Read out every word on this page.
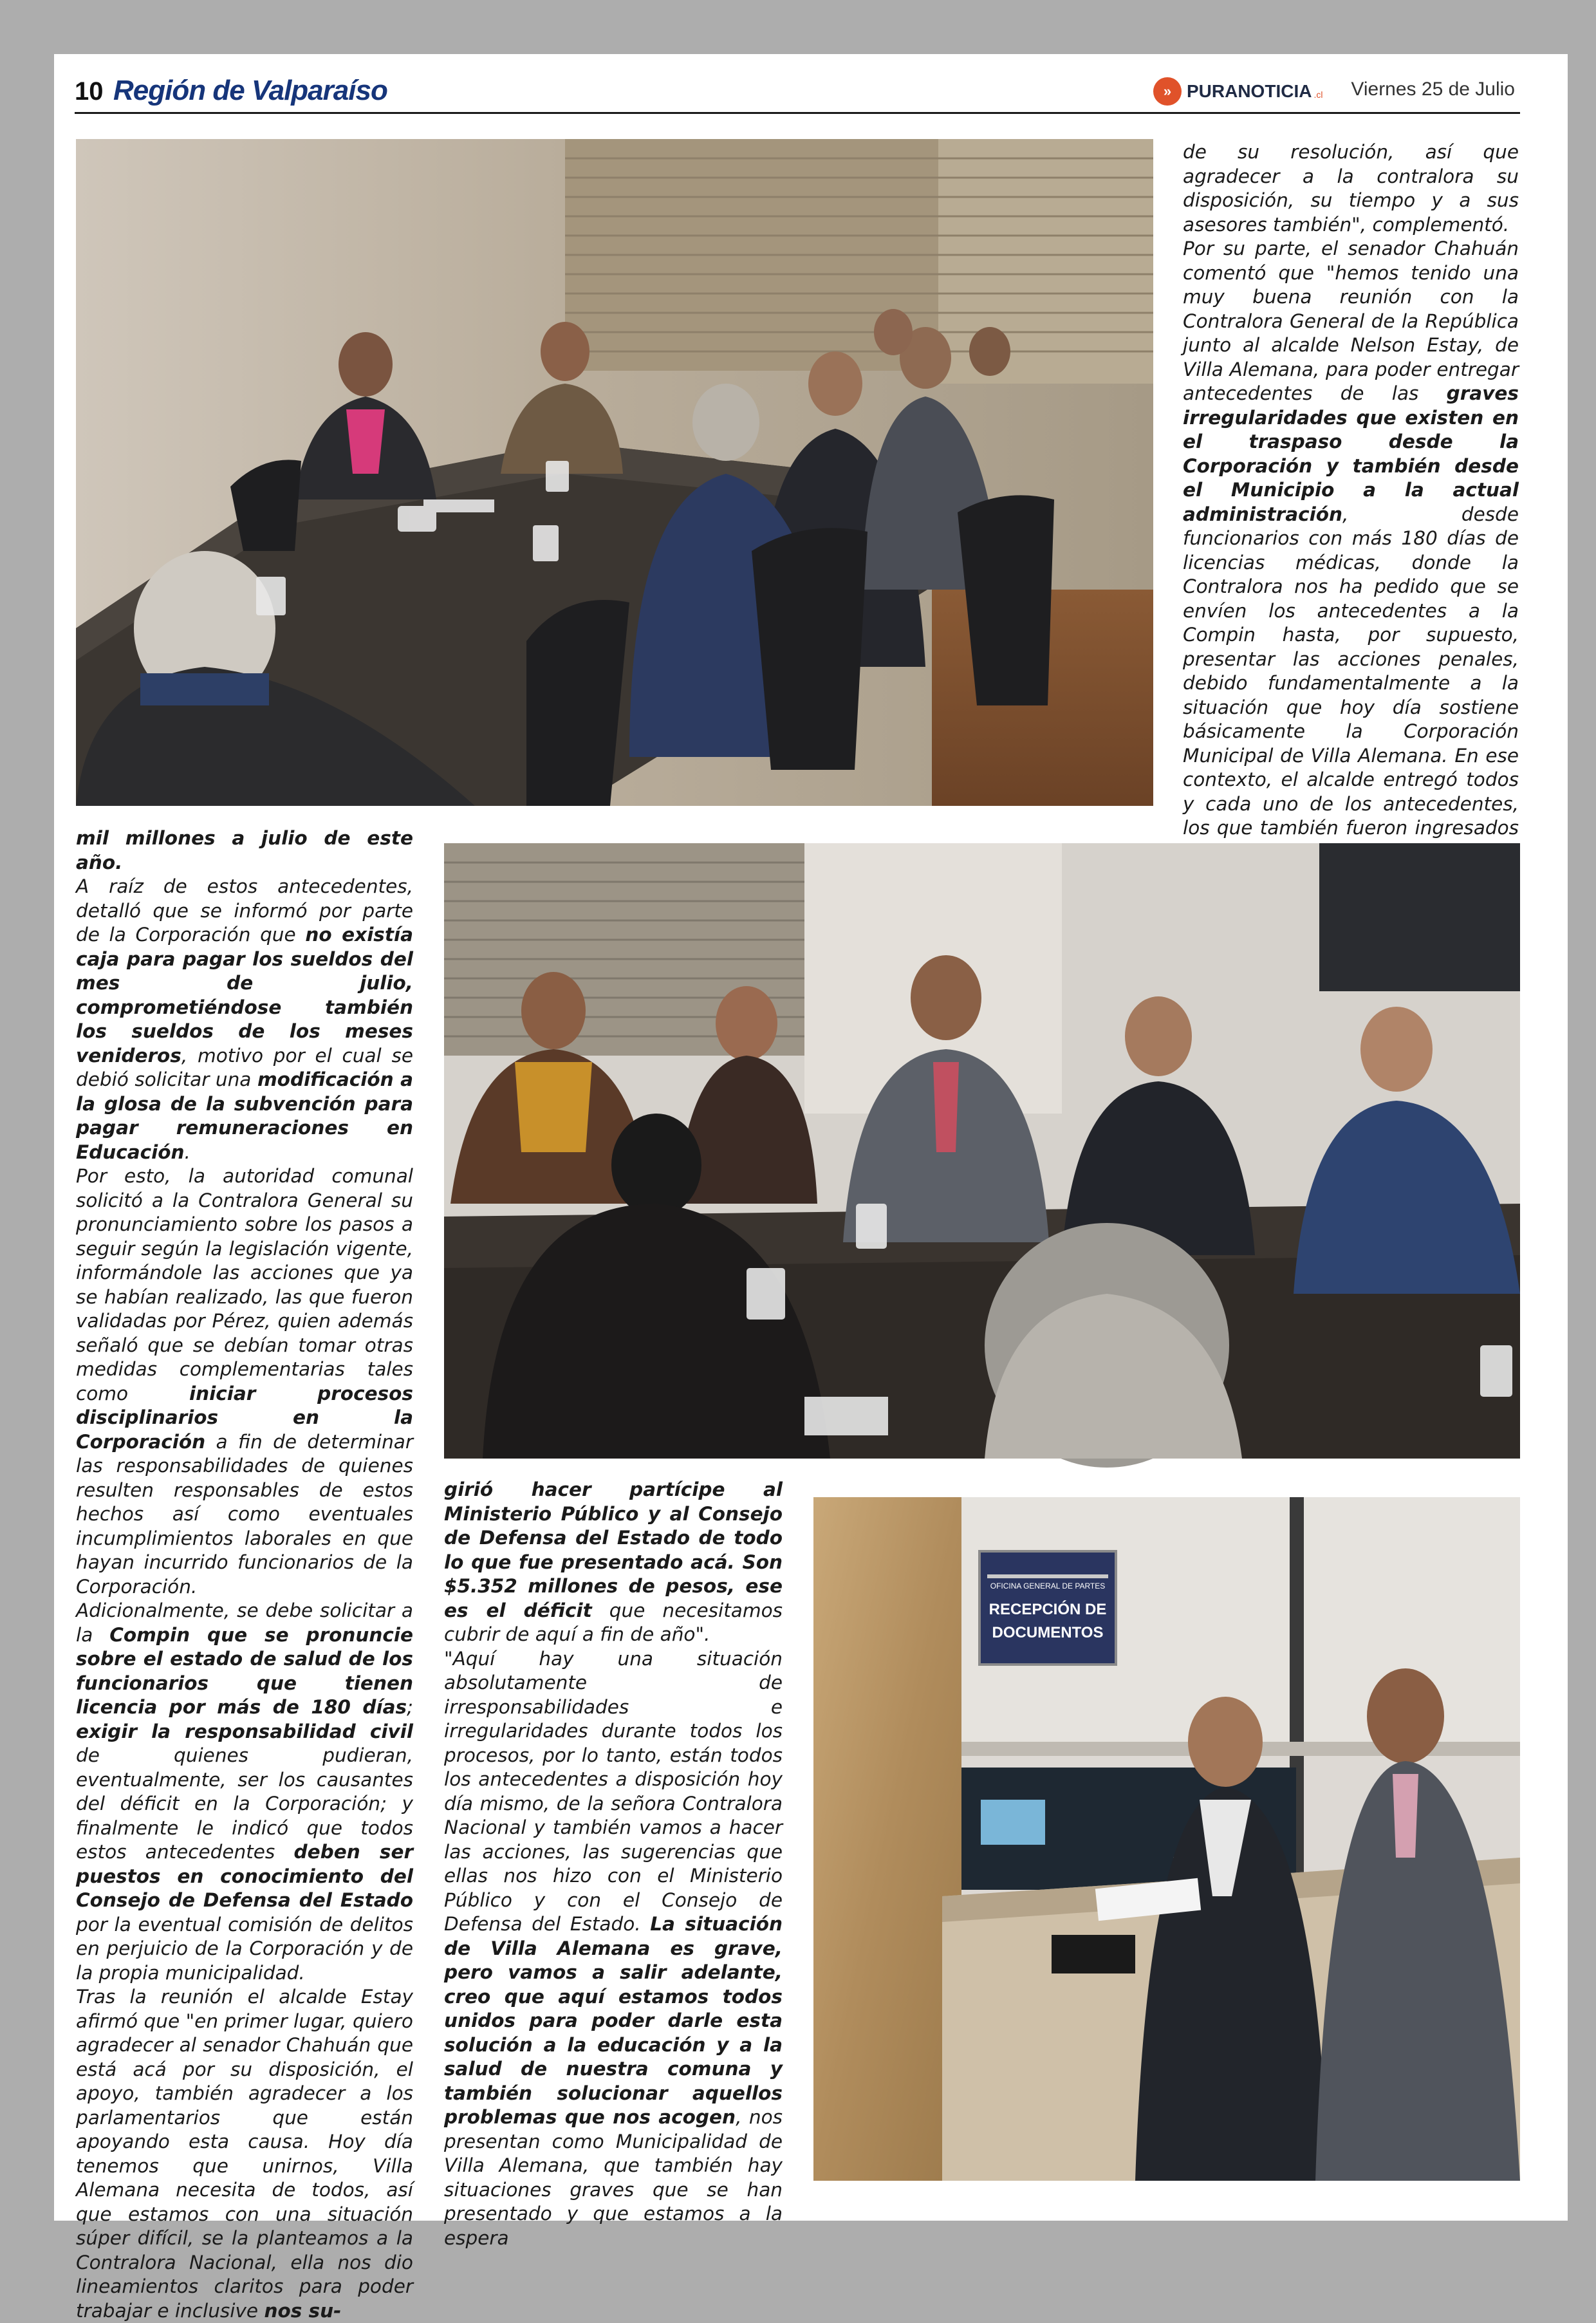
10 Región de Valparaíso	» PURANOTICIA .cl Viernes 25 de Julio

de su resolución, así que agradecer a la contralora su disposición, su tiempo y a sus asesores también", complementó.

Por su parte, el senador Chahuán comentó que "hemos tenido una muy buena reunión con la Contralora General de la República junto al alcalde Nelson Estay, de Villa Alemana, para poder entregar antecedentes de las graves irregularidades que existen en el traspaso desde la Corporación y también desde el Municipio a la actual administración, desde funcionarios con más 180 días de licencias médicas, donde la Contralora nos ha pedido que se envíen los antecedentes a la Compin hasta, por supuesto, presentar las acciones penales, debido fundamentalmente a la situación que hoy día sostiene básicamente la Corporación Municipal de Villa Alemana. En ese contexto, el alcalde entregó todos y cada uno de los antecedentes, los que también fueron ingresados

mil millones a julio de este año.

A raíz de estos antecedentes, detalló que se informó por parte de la Corporación que no existía caja para pagar los sueldos del mes de julio, comprometiéndose también los sueldos de los meses venideros, motivo por el cual se debió solicitar una modificación a la glosa de la subvención para pagar remuneraciones en Educación.

Por esto, la autoridad comunal solicitó a la Contralora General su pronunciamiento sobre los pasos a seguir según la legislación vigente, informándole las acciones que ya se habían realizado, las que fueron validadas por Pérez, quien además señaló que se debían tomar otras medidas complementarias tales como iniciar procesos disciplinarios en la Corporación a fin de determinar las responsabilidades de quienes resulten responsables de estos hechos así como eventuales incumplimientos laborales en que hayan incurrido funcionarios de la Corporación.

Adicionalmente, se debe solicitar a la Compin que se pronuncie sobre el estado de salud de los funcionarios que tienen licencia por más de 180 días; exigir la responsabilidad civil de quienes pudieran, eventualmente, ser los causantes del déficit en la Corporación; y finalmente le indicó que todos estos antecedentes deben ser puestos en conocimiento del Consejo de Defensa del Estado por la eventual comisión de delitos en perjuicio de la Corporación y de la propia municipalidad.

Tras la reunión el alcalde Estay afirmó que "en primer lugar, quiero agradecer al senador Chahuán que está acá por su disposición, el apoyo, también agradecer a los parlamentarios que están apoyando esta causa. Hoy día tenemos que unirnos, Villa Alemana necesita de todos, así que estamos con una situación súper difícil, se la planteamos a la Contralora Nacional, ella nos dio lineamientos claritos para poder trabajar e inclusive nos su-

girió hacer partícipe al Ministerio Público y al Consejo de Defensa del Estado de todo lo que fue presentado acá. Son $5.352 millones de pesos, ese es el déficit que necesitamos cubrir de aquí a fin de año".

"Aquí hay una situación absolutamente de irresponsabilidades e irregularidades durante todos los procesos, por lo tanto, están todos los antecedentes a disposición hoy día mismo, de la señora Contralora Nacional y también vamos a hacer las acciones, las sugerencias que ellas nos hizo con el Ministerio Público y con el Consejo de Defensa del Estado. La situación de Villa Alemana es grave, pero vamos a salir adelante, creo que aquí estamos todos unidos para poder darle esta solución a la educación y a la salud de nuestra comuna y también solucionar aquellos problemas que nos acogen, nos presentan como Municipalidad de Villa Alemana, que también hay situaciones graves que se han presentado y que estamos a la espera

OFICINA GENERAL DE PARTES
RECEPCIÓN DE
DOCUMENTOS
